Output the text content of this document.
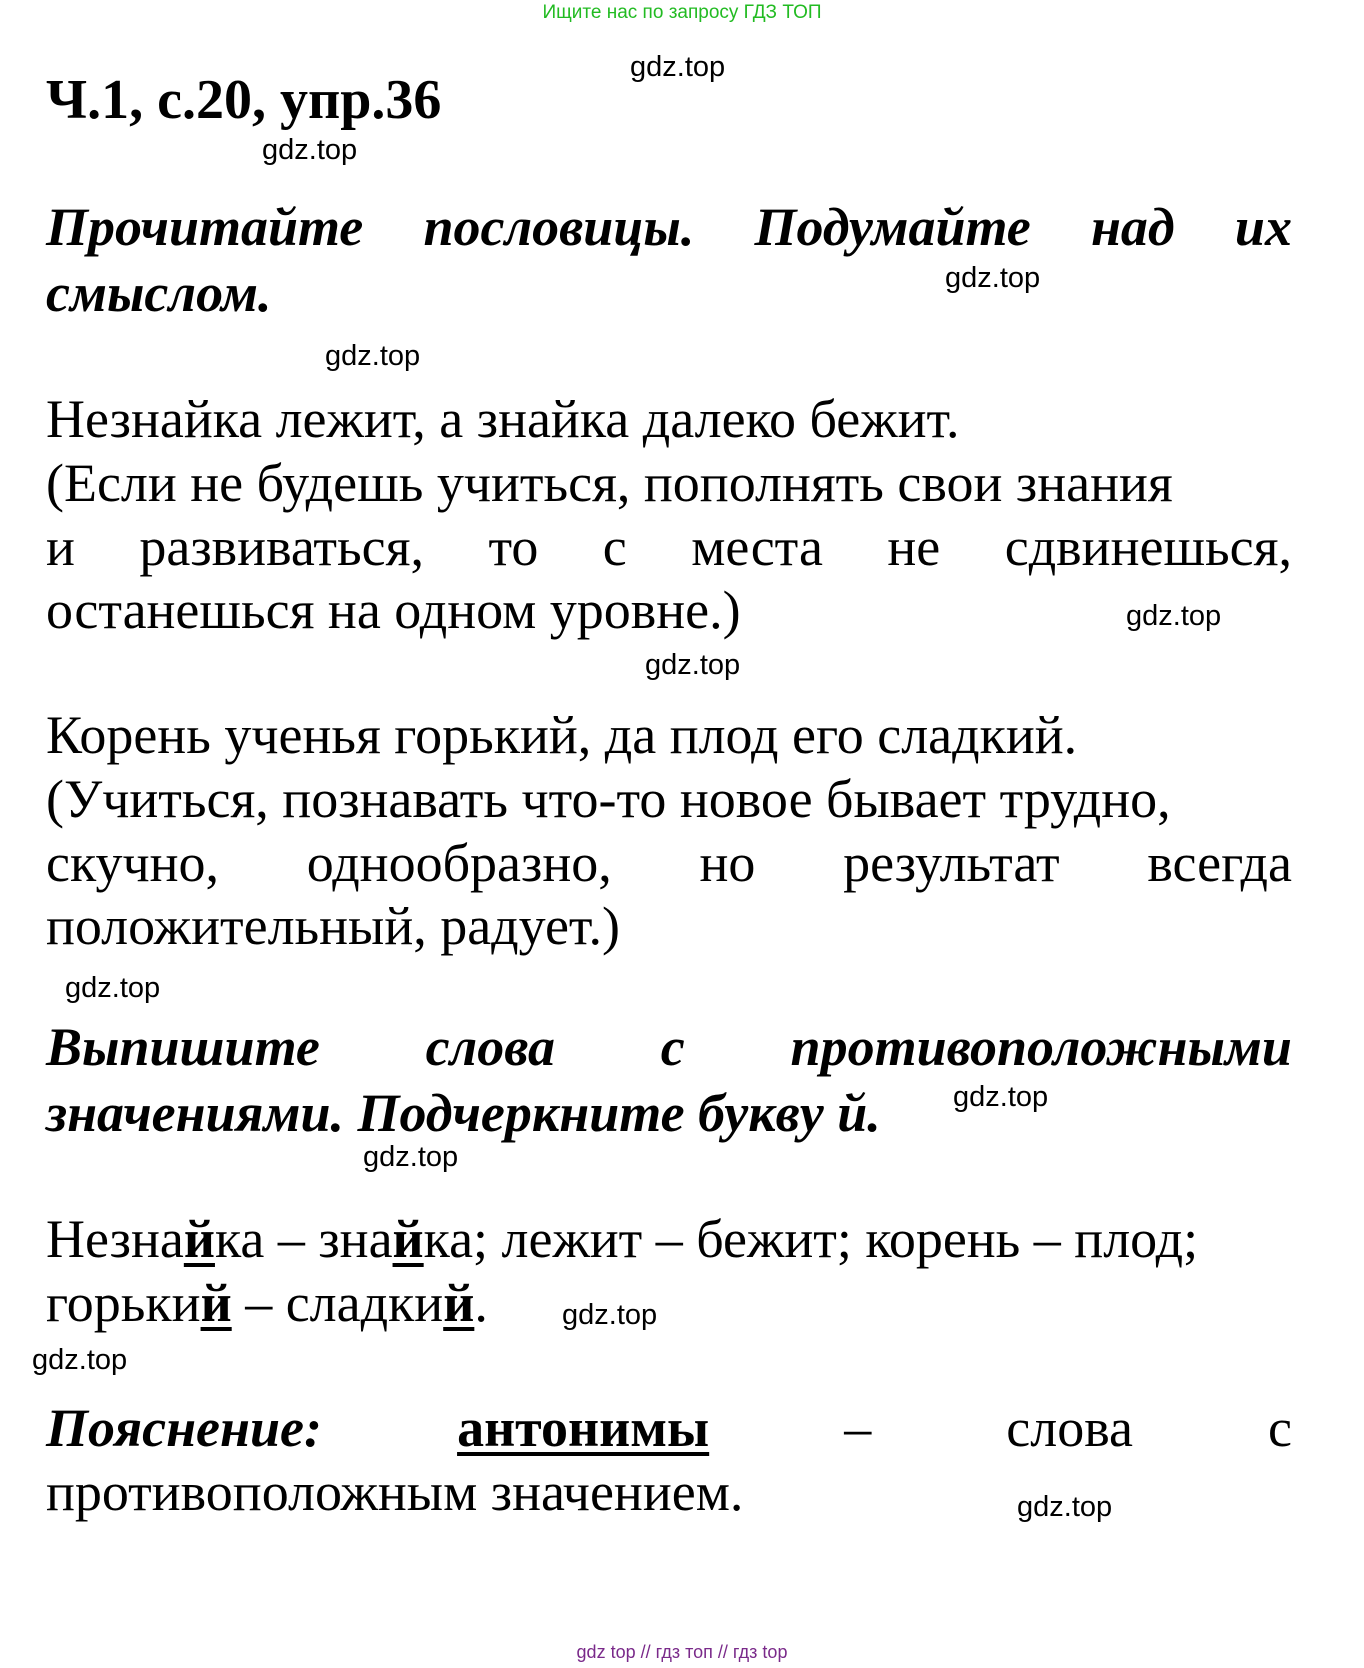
Ищите нас по запросу ГДЗ ТОП
gdz.top
Ч.1, с.20, упр.36
gdz.top
Прочитайте пословицы. Подумайте над их
смыслом.	gdz.top
gdz.top
Незнайка лежит, а знайка далеко бежит.
(Если не будешь учиться, пополнять свои знания
и развиваться, то с места не сдвинешься,
останешься на одном уровне.)	gdz.top
gdz.top
Корень ученья горький, да плод его сладкий.
(Учиться, познавать что-то новое бывает трудно,
скучно, однообразно, но результат всегда
положительный, радует.)
gdz.top
Выпишите слова с противоположными
значениями. Подчеркните букву й.	gdz.top
gdz.top
Незнайка – знайка; лежит – бежит; корень – плод;
горький – сладкий.	gdz.top
gdz.top
Пояснение:	антонимы	–	слова	с
противоположным значением.	gdz.top
gdz top // гдз топ // гдз top
